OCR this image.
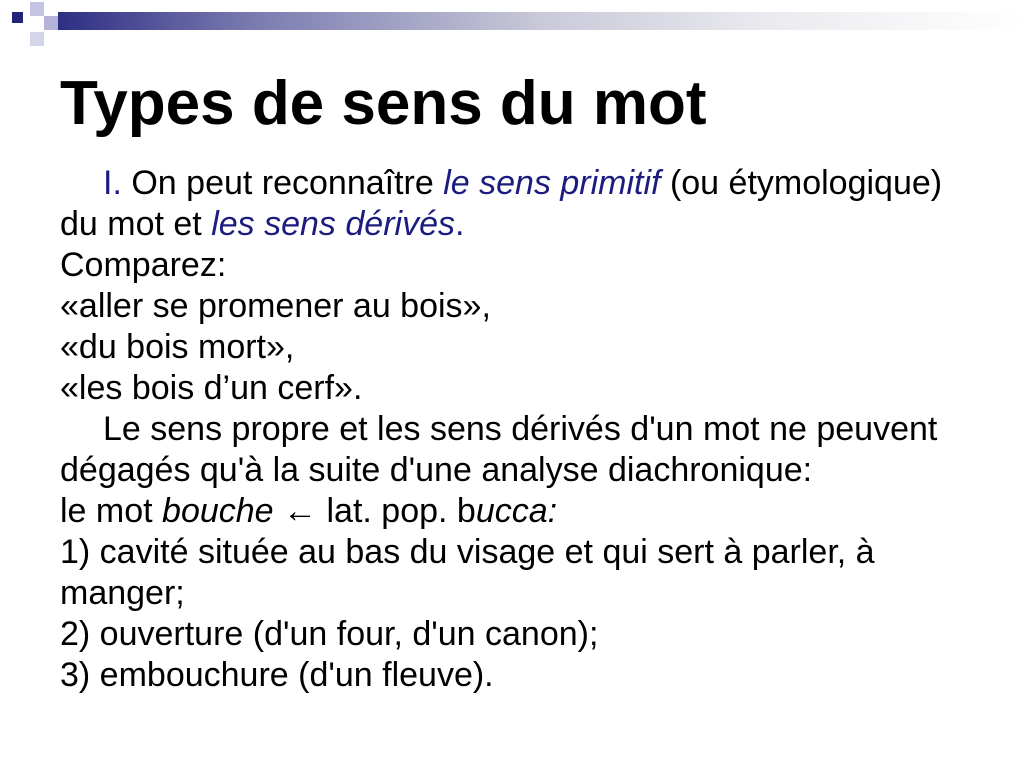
Types de sens du mot
I. On peut reconnaître le sens primitif (ou étymologique)
du mot et les sens dérivés.
Comparez:
«aller se promener au bois»,
«du bois mort»,
«les bois d’un cerf».
Le sens propre et les sens dérivés d'un mot ne peuvent
dégagés qu'à la suite d'une analyse diachronique:
le mot bouche ← lat. pop. bucca:
1) cavité située au bas du visage et qui sert à parler, à
manger;
2) ouverture (d'un four, d'un canon);
3) embouchure (d'un fleuve).
